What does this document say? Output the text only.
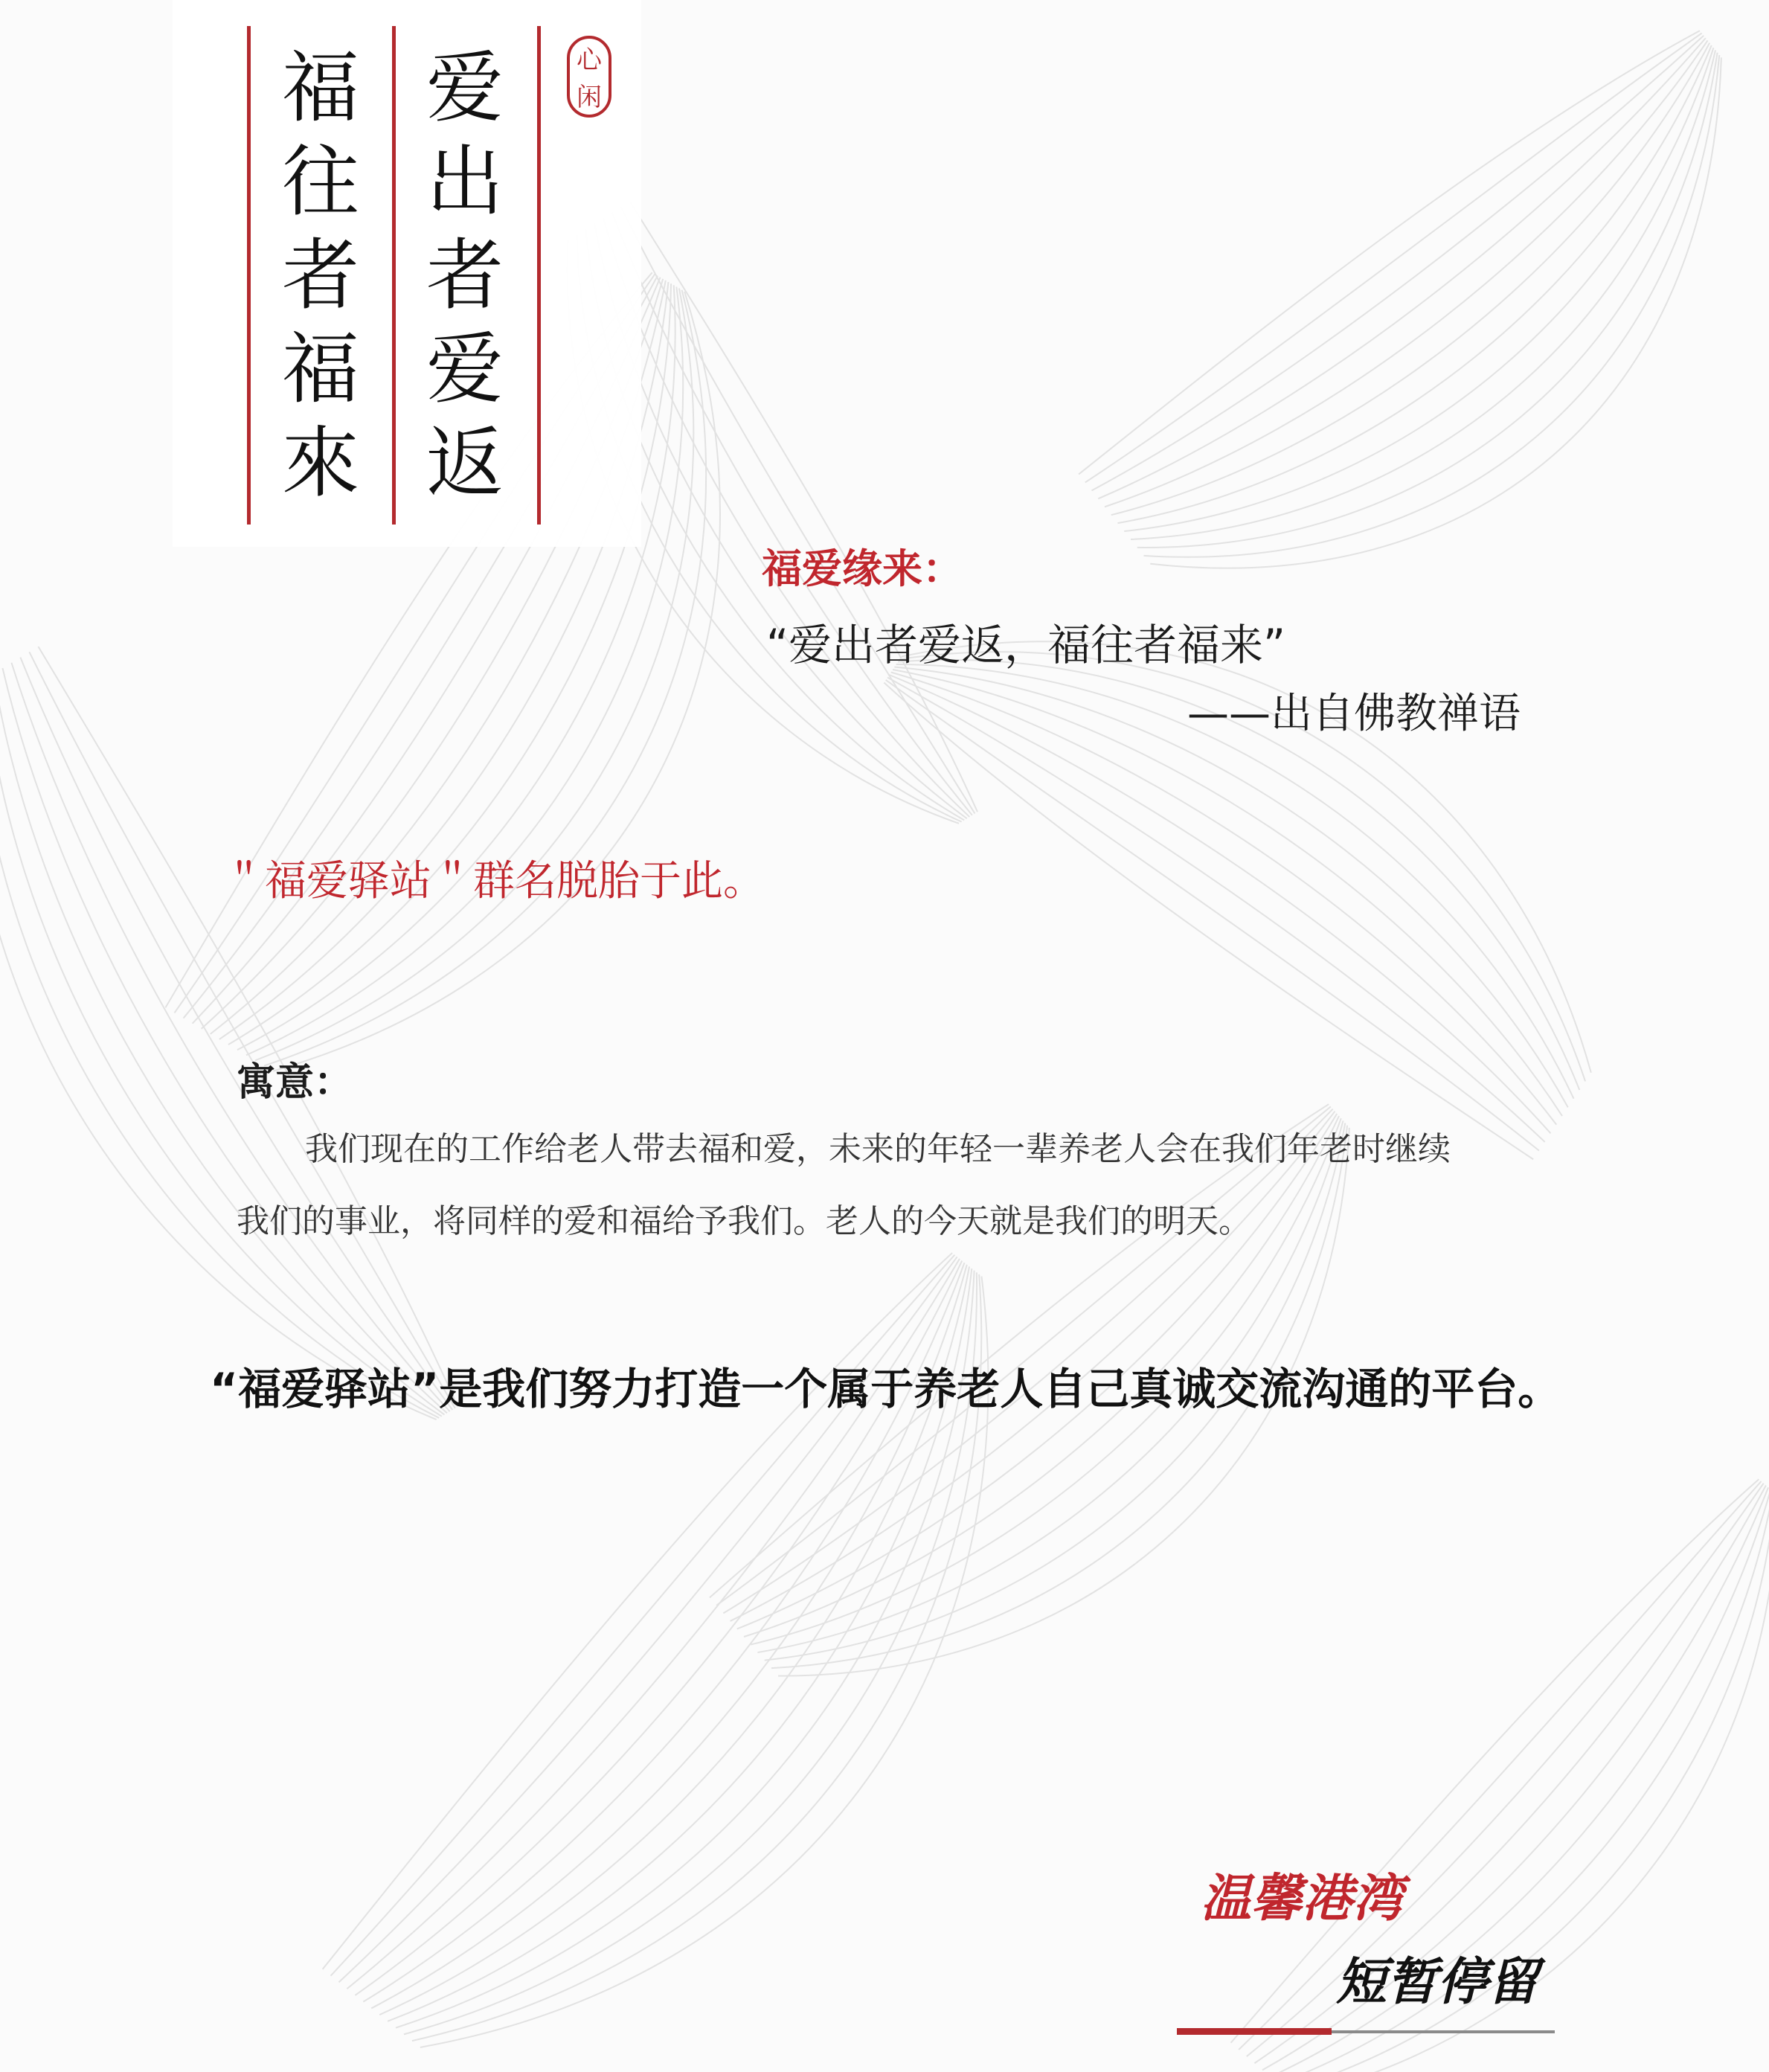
福
往
者
福
來
爱
出
者
爱
返
心闲
福爱缘来：
“爱出者爱返，福往者福来”
——出自佛教禅语
＂福爱驿站＂群名脱胎于此。
寓意：
我们现在的工作给老人带去福和爱，未来的年轻一辈养老人会在我们年老时继续
我们的事业，将同样的爱和福给予我们。老人的今天就是我们的明天。
“福爱驿站”是我们努力打造一个属于养老人自己真诚交流沟通的平台。
温馨港湾
短暂停留
